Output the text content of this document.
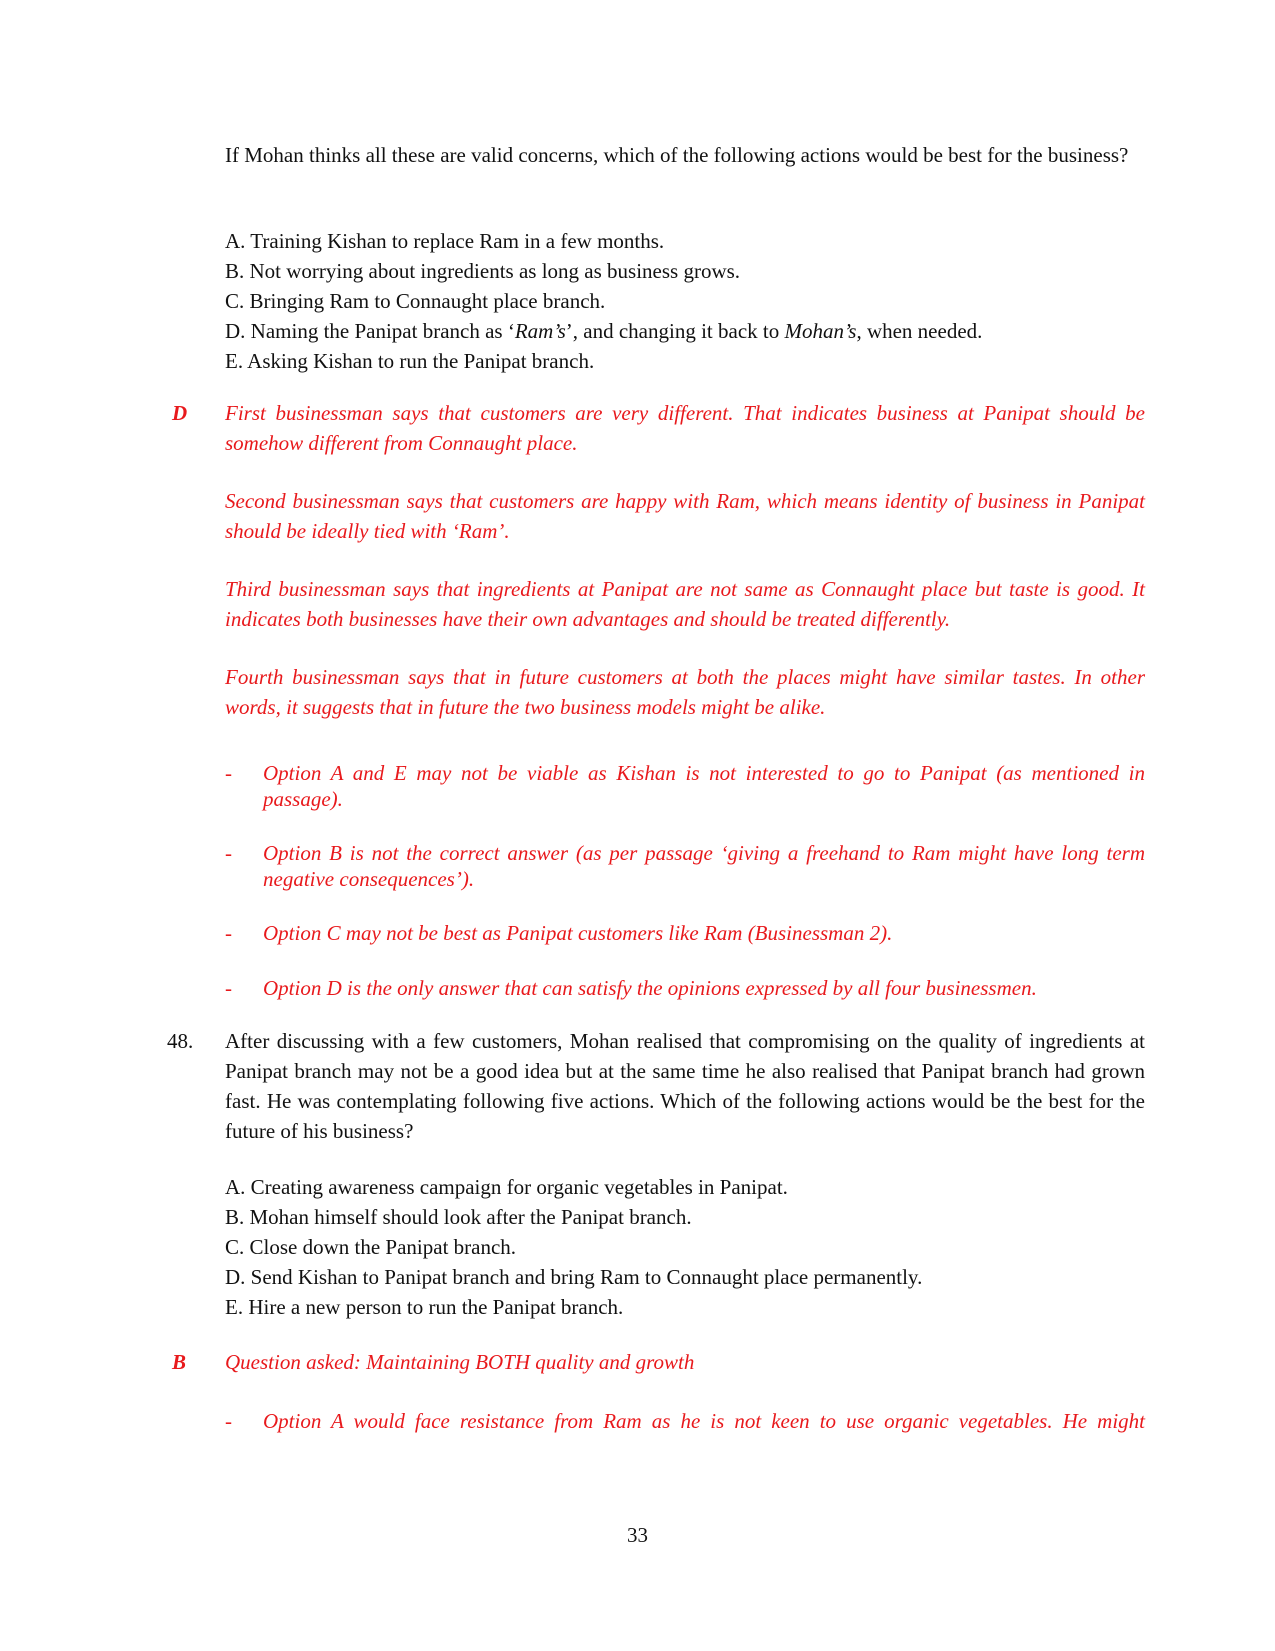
If Mohan thinks all these are valid concerns, which of the following actions would be best for the business?
A. Training Kishan to replace Ram in a few months.
B. Not worrying about ingredients as long as business grows.
C. Bringing Ram to Connaught place branch.
D. Naming the Panipat branch as ‘Ram’s’, and changing it back to Mohan’s, when needed.
E. Asking Kishan to run the Panipat branch.
D	First businessman says that customers are very different. That indicates business at Panipat should be somehow different from Connaught place.
Second businessman says that customers are happy with Ram, which means identity of business in Panipat should be ideally tied with ‘Ram’.
Third businessman says that ingredients at Panipat are not same as Connaught place but taste is good. It indicates both businesses have their own advantages and should be treated differently.
Fourth businessman says that in future customers at both the places might have similar tastes. In other words, it suggests that in future the two business models might be alike.
-	Option A and E may not be viable as Kishan is not interested to go to Panipat (as mentioned in passage).
-	Option B is not the correct answer (as per passage ‘giving a freehand to Ram might have long term negative consequences’).
-	Option C may not be best as Panipat customers like Ram (Businessman 2).
-	Option D is the only answer that can satisfy the opinions expressed by all four businessmen.
48.	After discussing with a few customers, Mohan realised that compromising on the quality of ingredients at Panipat branch may not be a good idea but at the same time he also realised that Panipat branch had grown fast. He was contemplating following five actions. Which of the following actions would be the best for the future of his business?
A. Creating awareness campaign for organic vegetables in Panipat.
B. Mohan himself should look after the Panipat branch.
C. Close down the Panipat branch.
D. Send Kishan to Panipat branch and bring Ram to Connaught place permanently.
E. Hire a new person to run the Panipat branch.
B	Question asked: Maintaining BOTH quality and growth
-	Option A would face resistance from Ram as he is not keen to use organic vegetables. He might
33
